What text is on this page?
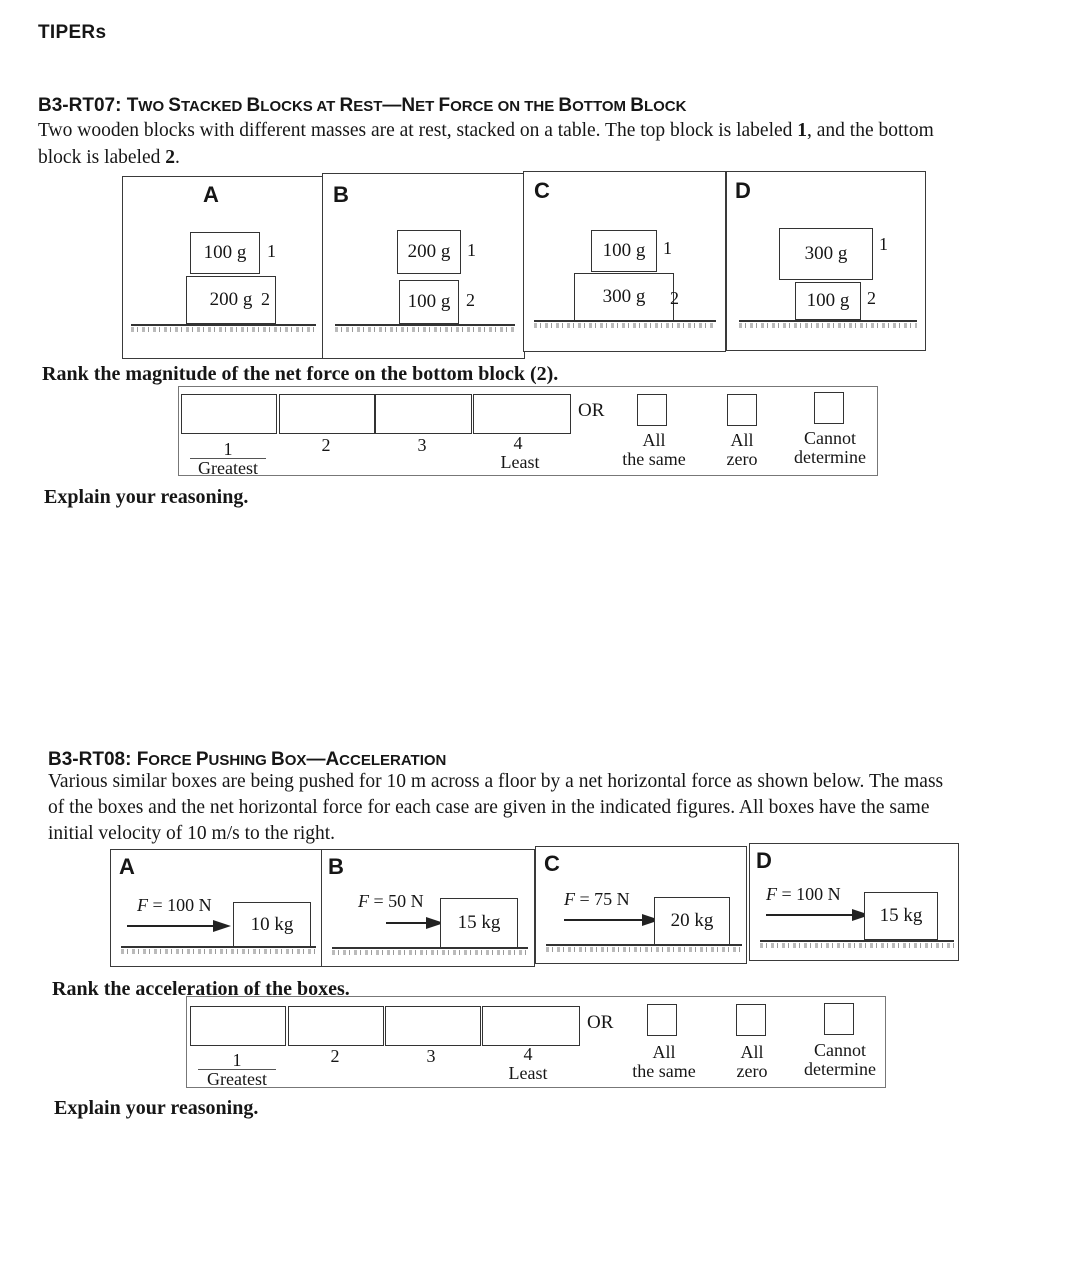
TIPERs
B3-RT07: TWO STACKED BLOCKS AT REST—NET FORCE ON THE BOTTOM BLOCK
Two wooden blocks with different masses are at rest, stacked on a table. The top block is labeled 1, and the bottom
block is labeled 2.
A
100 g	1
200 g 2
B
200 g 1
100 g 2
C
100 g 1
300 g	2
D
300 g	1
100 g 2
Rank the magnitude of the net force on the bottom block (2).
OR
1
Greatest
2	3	4
Least
All
the same
All
zero
Cannot
determine
Explain your reasoning.
B3-RT08: FORCE PUSHING BOX—ACCELERATION
Various similar boxes are being pushed for 10 m across a floor by a net horizontal force as shown below. The mass
of the boxes and the net horizontal force for each case are given in the indicated figures. All boxes have the same
initial velocity of 10 m/s to the right.
A
F = 100 N
10 kg
B
F = 50 N
15 kg
C
F = 75 N
20 kg
D
F = 100 N
15 kg
Rank the acceleration of the boxes.
OR
1
Greatest
2	3	4
Least
All
the same
All
zero
Cannot
determine
Explain your reasoning.
